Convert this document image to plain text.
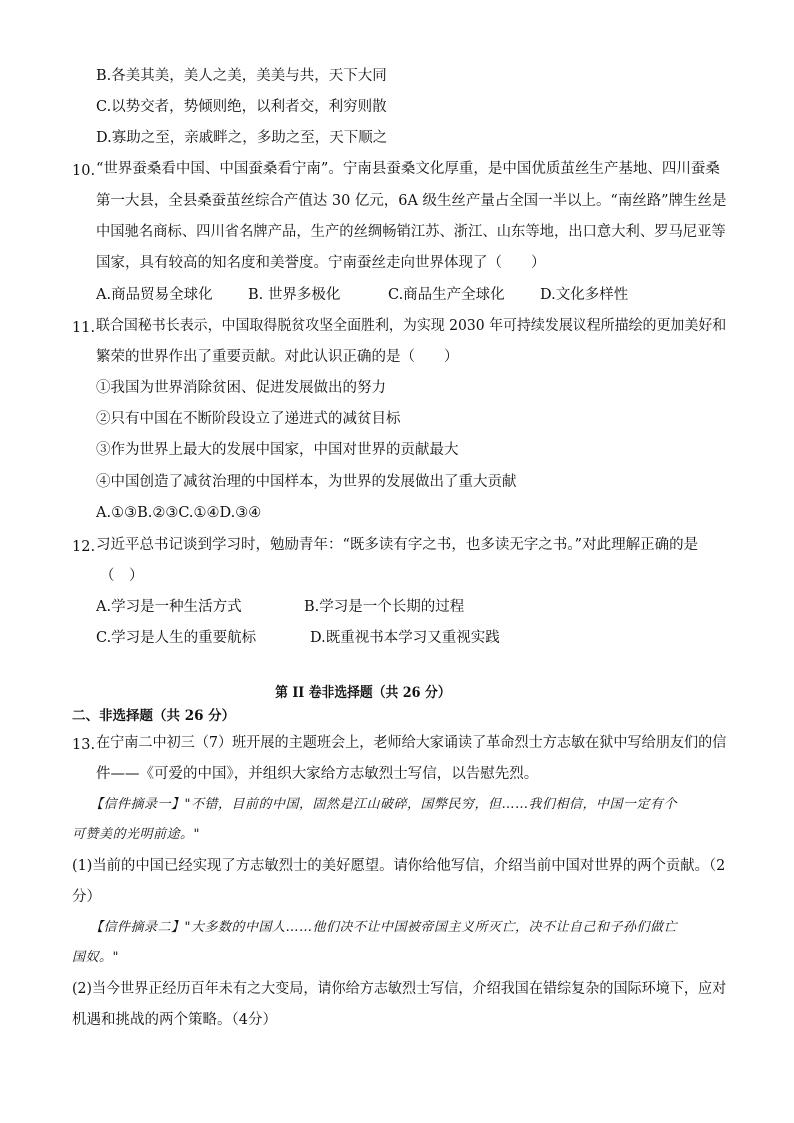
B.各美其美，美人之美，美美与共，天下大同
C.以势交者，势倾则绝，以利者交，利穷则散
D.寡助之至，亲戚畔之，多助之至，天下顺之
10. “世界蚕桑看中国、中国蚕桑看宁南”。宁南县蚕桑文化厚重，是中国优质茧丝生产基地、四川蚕桑
第一大县，全县桑蚕茧丝综合产值达 30 亿元，6A 级生丝产量占全国一半以上。“南丝路”牌生丝是
中国驰名商标、四川省名牌产品，生产的丝绸畅销江苏、浙江、山东等地，出口意大利、罗马尼亚等
国家，具有较高的知名度和美誉度。宁南蚕丝走向世界体现了（　　）
A.商品贸易全球化 B. 世界多极化	C.商品生产全球化 D.文化多样性
11. 联合国秘书长表示，中国取得脱贫攻坚全面胜利，为实现 2030 年可持续发展议程所描绘的更加美好和
繁荣的世界作出了重要贡献。对此认识正确的是（　　）
①我国为世界消除贫困、促进发展做出的努力
②只有中国在不断阶段设立了递进式的减贫目标
③作为世界上最大的发展中国家，中国对世界的贡献最大
④中国创造了减贫治理的中国样本，为世界的发展做出了重大贡献
A.①③B.②③C.①④D.③④
12. 习近平总书记谈到学习时，勉励青年：“既多读有字之书，也多读无字之书。”对此理解正确的是
（　）
A.学习是一种生活方式	B.学习是一个长期的过程
C.学习是人生的重要航标	D.既重视书本学习又重视实践
第 II 卷非选择题（共 26 分）
二、非选择题（共 26 分）
13. 在宁南二中初三（7）班开展的主题班会上，老师给大家诵读了革命烈士方志敏在狱中写给朋友们的信
件——《可爱的中国》，并组织大家给方志敏烈士写信，以告慰先烈。
【信件摘录一】"不错，目前的中国，固然是江山破碎，国弊民穷，但……我们相信，中国一定有个
可赞美的光明前途。"
(1)当前的中国已经实现了方志敏烈士的美好愿望。请你给他写信，介绍当前中国对世界的两个贡献。（2
分）
【信件摘录二】"大多数的中国人……他们决不让中国被帝国主义所灭亡，决不让自己和子孙们做亡
国奴。"
(2)当今世界正经历百年未有之大变局，请你给方志敏烈士写信，介绍我国在错综复杂的国际环境下，应对
机遇和挑战的两个策略。（4分）
